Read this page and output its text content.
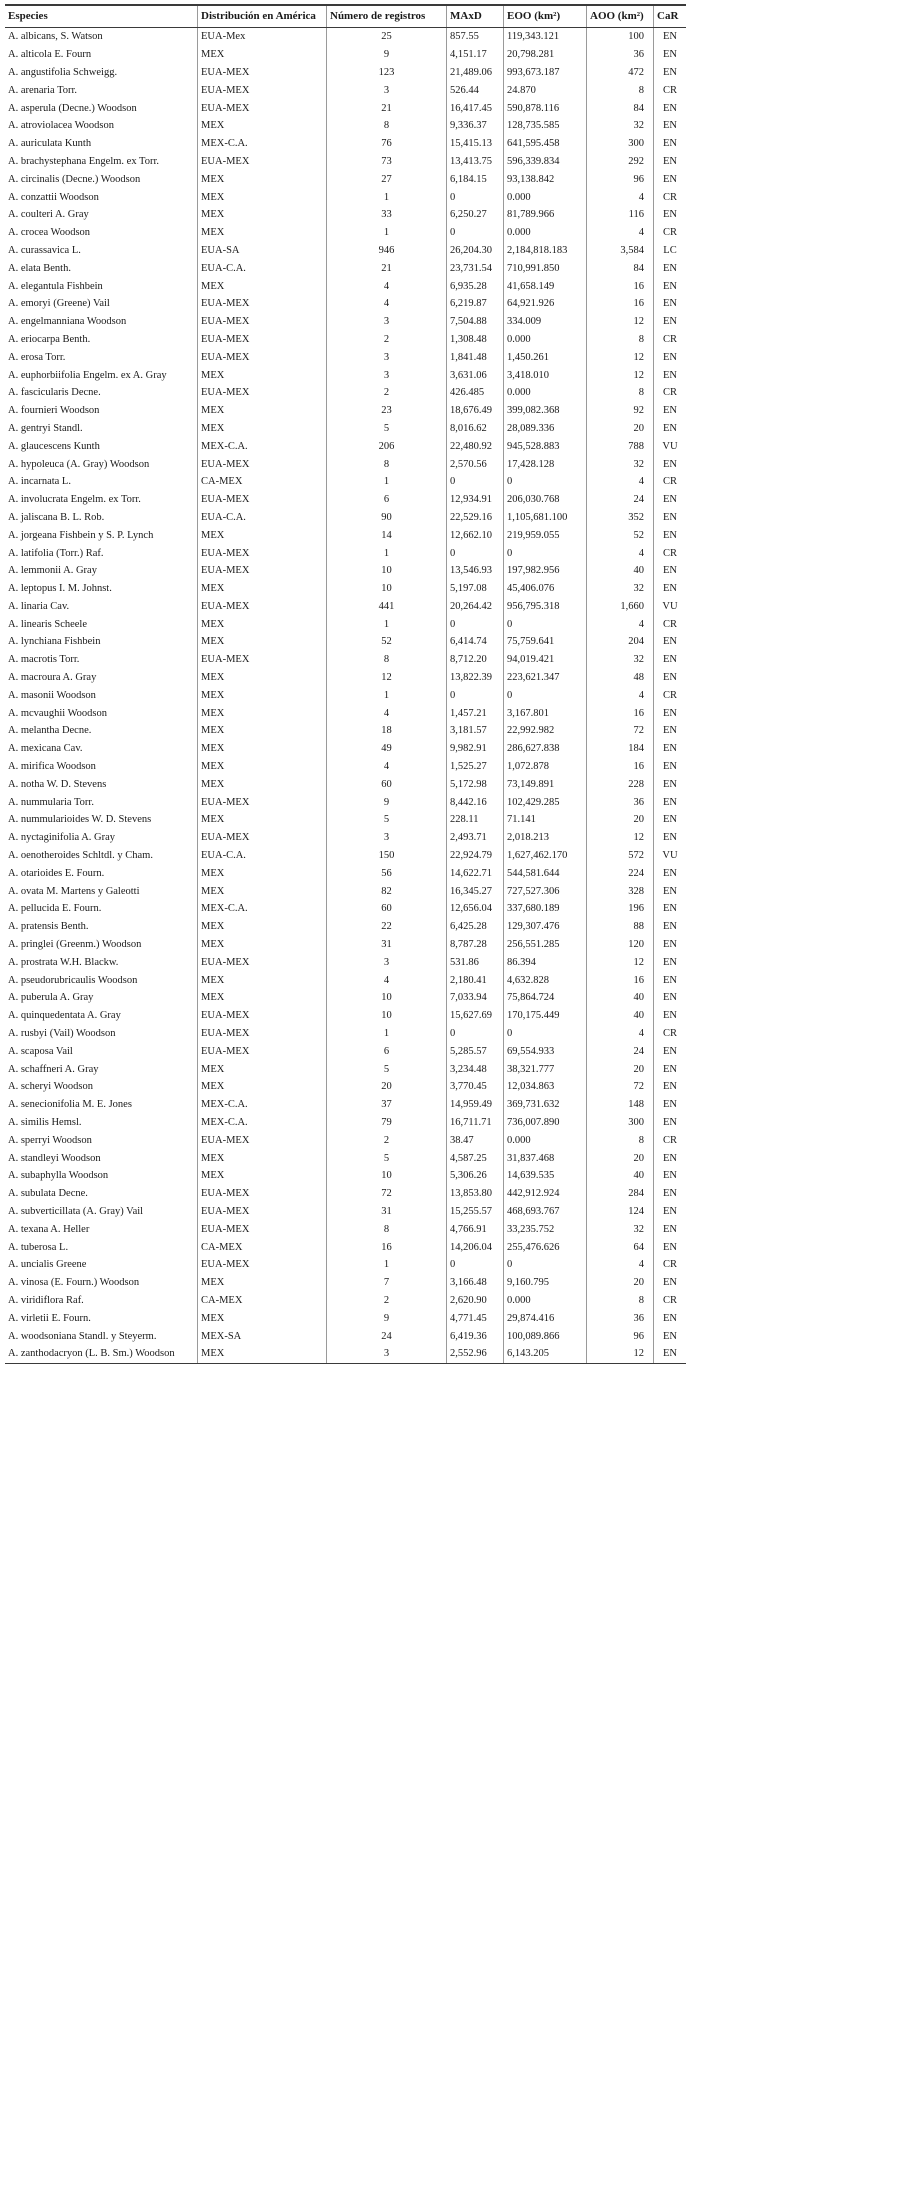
Especies	Distribución en América	Número de registros	MAxD	EOO (km²)	AOO (km²)	CaR
A. albicans, S. Watson	EUA-Mex	25	857.55	119,343.121	100	EN
A. alticola E. Fourn	MEX	9	4,151.17	20,798.281	36	EN
A. angustifolia Schweigg.	EUA-MEX	123	21,489.06	993,673.187	472	EN
A. arenaria Torr.	EUA-MEX	3	526.44	24.870	8	CR
A. asperula (Decne.) Woodson	EUA-MEX	21	16,417.45	590,878.116	84	EN
A. atroviolacea Woodson	MEX	8	9,336.37	128,735.585	32	EN
A. auriculata Kunth	MEX-C.A.	76	15,415.13	641,595.458	300	EN
A. brachystephana Engelm. ex Torr.	EUA-MEX	73	13,413.75	596,339.834	292	EN
A. circinalis (Decne.) Woodson	MEX	27	6,184.15	93,138.842	96	EN
A. conzattii Woodson	MEX	1	0	0.000	4	CR
A. coulteri A. Gray	MEX	33	6,250.27	81,789.966	116	EN
A. crocea Woodson	MEX	1	0	0.000	4	CR
A. curassavica L.	EUA-SA	946	26,204.30	2,184,818.183	3,584	LC
A. elata Benth.	EUA-C.A.	21	23,731.54	710,991.850	84	EN
A. elegantula Fishbein	MEX	4	6,935.28	41,658.149	16	EN
A. emoryi (Greene) Vail	EUA-MEX	4	6,219.87	64,921.926	16	EN
A. engelmanniana Woodson	EUA-MEX	3	7,504.88	334.009	12	EN
A. eriocarpa Benth.	EUA-MEX	2	1,308.48	0.000	8	CR
A. erosa Torr.	EUA-MEX	3	1,841.48	1,450.261	12	EN
A. euphorbiifolia Engelm. ex A. Gray	MEX	3	3,631.06	3,418.010	12	EN
A. fascicularis Decne.	EUA-MEX	2	426.485	0.000	8	CR
A. fournieri Woodson	MEX	23	18,676.49	399,082.368	92	EN
A. gentryi Standl.	MEX	5	8,016.62	28,089.336	20	EN
A. glaucescens Kunth	MEX-C.A.	206	22,480.92	945,528.883	788	VU
A. hypoleuca (A. Gray) Woodson	EUA-MEX	8	2,570.56	17,428.128	32	EN
A. incarnata L.	CA-MEX	1	0	0	4	CR
A. involucrata Engelm. ex Torr.	EUA-MEX	6	12,934.91	206,030.768	24	EN
A. jaliscana B. L. Rob.	EUA-C.A.	90	22,529.16	1,105,681.100	352	EN
A. jorgeana Fishbein y S. P. Lynch	MEX	14	12,662.10	219,959.055	52	EN
A. latifolia (Torr.) Raf.	EUA-MEX	1	0	0	4	CR
A. lemmonii A. Gray	EUA-MEX	10	13,546.93	197,982.956	40	EN
A. leptopus I. M. Johnst.	MEX	10	5,197.08	45,406.076	32	EN
A. linaria Cav.	EUA-MEX	441	20,264.42	956,795.318	1,660	VU
A. linearis Scheele	MEX	1	0	0	4	CR
A. lynchiana Fishbein	MEX	52	6,414.74	75,759.641	204	EN
A. macrotis Torr.	EUA-MEX	8	8,712.20	94,019.421	32	EN
A. macroura A. Gray	MEX	12	13,822.39	223,621.347	48	EN
A. masonii Woodson	MEX	1	0	0	4	CR
A. mcvaughii Woodson	MEX	4	1,457.21	3,167.801	16	EN
A. melantha Decne.	MEX	18	3,181.57	22,992.982	72	EN
A. mexicana Cav.	MEX	49	9,982.91	286,627.838	184	EN
A. mirifica Woodson	MEX	4	1,525.27	1,072.878	16	EN
A. notha W. D. Stevens	MEX	60	5,172.98	73,149.891	228	EN
A. nummularia Torr.	EUA-MEX	9	8,442.16	102,429.285	36	EN
A. nummularioides W. D. Stevens	MEX	5	228.11	71.141	20	EN
A. nyctaginifolia A. Gray	EUA-MEX	3	2,493.71	2,018.213	12	EN
A. oenotheroides Schltdl. y Cham.	EUA-C.A.	150	22,924.79	1,627,462.170	572	VU
A. otarioides E. Fourn.	MEX	56	14,622.71	544,581.644	224	EN
A. ovata M. Martens y Galeotti	MEX	82	16,345.27	727,527.306	328	EN
A. pellucida E. Fourn.	MEX-C.A.	60	12,656.04	337,680.189	196	EN
A. pratensis Benth.	MEX	22	6,425.28	129,307.476	88	EN
A. pringlei (Greenm.) Woodson	MEX	31	8,787.28	256,551.285	120	EN
A. prostrata W.H. Blackw.	EUA-MEX	3	531.86	86.394	12	EN
A. pseudorubricaulis Woodson	MEX	4	2,180.41	4,632.828	16	EN
A. puberula A. Gray	MEX	10	7,033.94	75,864.724	40	EN
A. quinquedentata A. Gray	EUA-MEX	10	15,627.69	170,175.449	40	EN
A. rusbyi (Vail) Woodson	EUA-MEX	1	0	0	4	CR
A. scaposa Vail	EUA-MEX	6	5,285.57	69,554.933	24	EN
A. schaffneri A. Gray	MEX	5	3,234.48	38,321.777	20	EN
A. scheryi Woodson	MEX	20	3,770.45	12,034.863	72	EN
A. senecionifolia M. E. Jones	MEX-C.A.	37	14,959.49	369,731.632	148	EN
A. similis Hemsl.	MEX-C.A.	79	16,711.71	736,007.890	300	EN
A. sperryi Woodson	EUA-MEX	2	38.47	0.000	8	CR
A. standleyi Woodson	MEX	5	4,587.25	31,837.468	20	EN
A. subaphylla Woodson	MEX	10	5,306.26	14,639.535	40	EN
A. subulata Decne.	EUA-MEX	72	13,853.80	442,912.924	284	EN
A. subverticillata (A. Gray) Vail	EUA-MEX	31	15,255.57	468,693.767	124	EN
A. texana A. Heller	EUA-MEX	8	4,766.91	33,235.752	32	EN
A. tuberosa L.	CA-MEX	16	14,206.04	255,476.626	64	EN
A. uncialis Greene	EUA-MEX	1	0	0	4	CR
A. vinosa (E. Fourn.) Woodson	MEX	7	3,166.48	9,160.795	20	EN
A. viridiflora Raf.	CA-MEX	2	2,620.90	0.000	8	CR
A. virletii E. Fourn.	MEX	9	4,771.45	29,874.416	36	EN
A. woodsoniana Standl. y Steyerm.	MEX-SA	24	6,419.36	100,089.866	96	EN
A. zanthodacryon (L. B. Sm.) Woodson	MEX	3	2,552.96	6,143.205	12	EN
